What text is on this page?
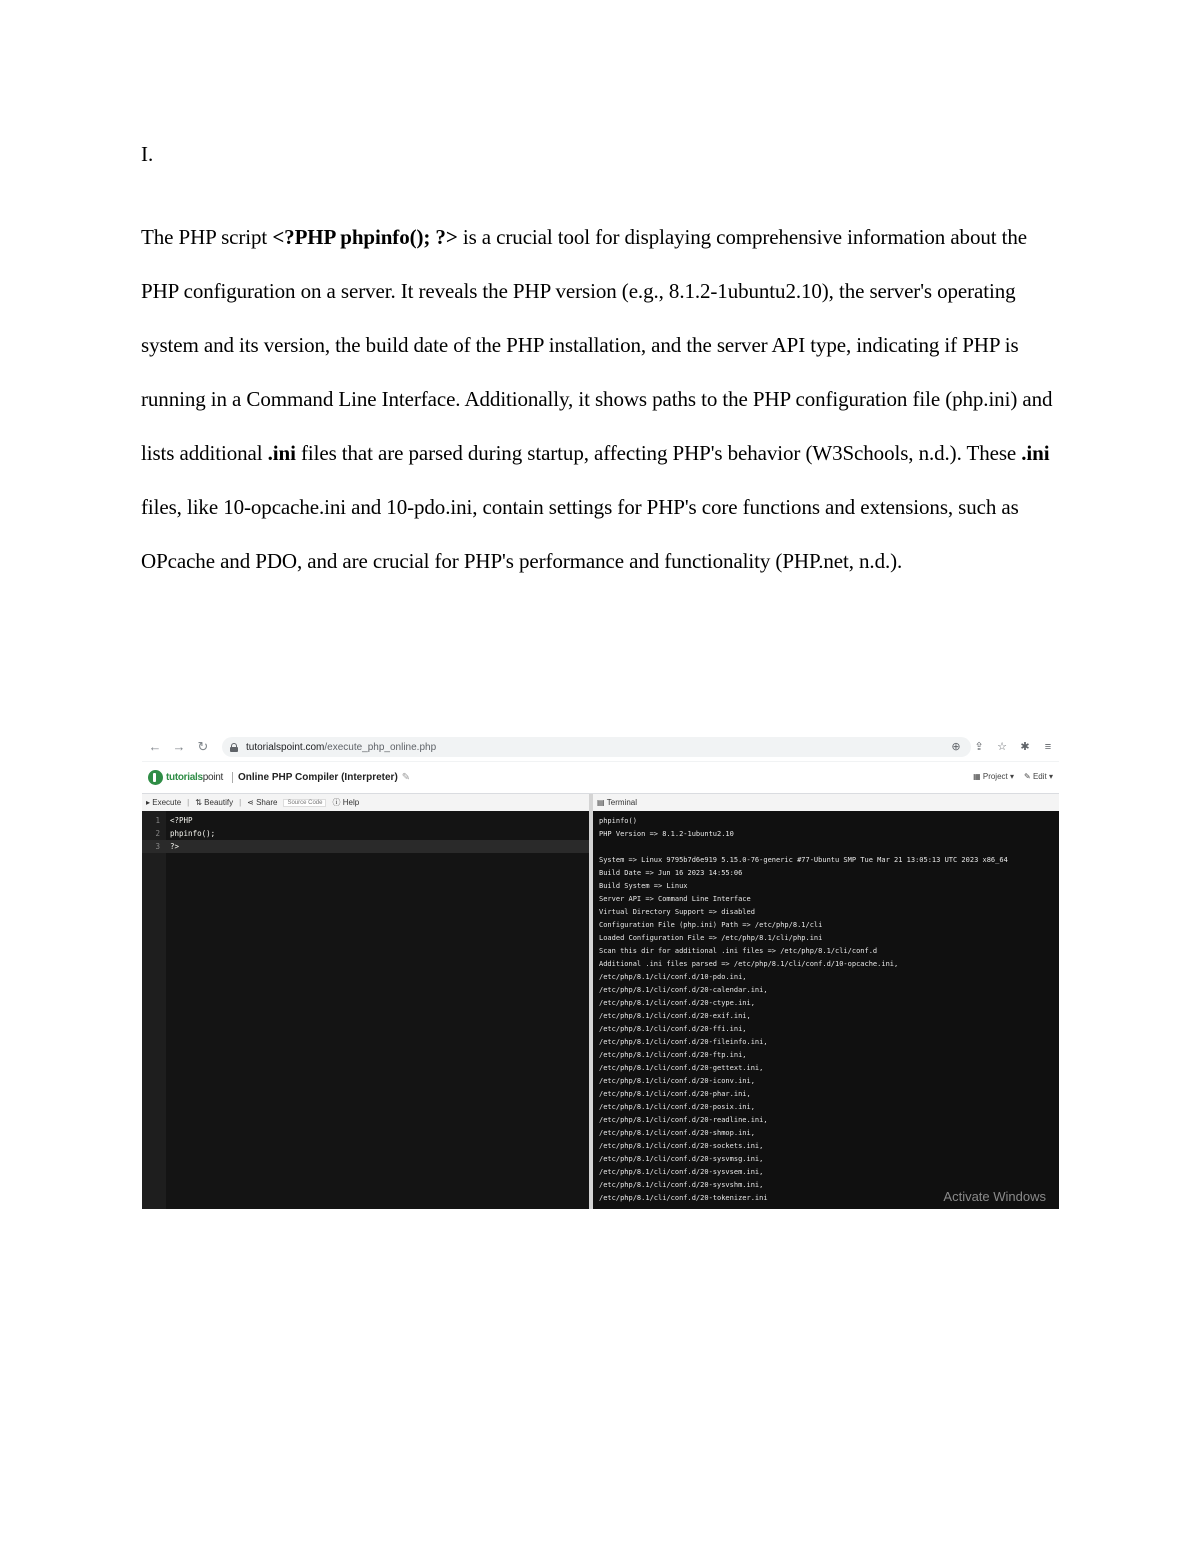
I.

The PHP script <?PHP phpinfo(); ?> is a crucial tool for displaying comprehensive information about the PHP configuration on a server. It reveals the PHP version (e.g., 8.1.2-1ubuntu2.10), the server's operating system and its version, the build date of the PHP installation, and the server API type, indicating if PHP is running in a Command Line Interface. Additionally, it shows paths to the PHP configuration file (php.ini) and lists additional .ini files that are parsed during startup, affecting PHP's behavior (W3Schools, n.d.). These .ini files, like 10-opcache.ini and 10-pdo.ini, contain settings for PHP's core functions and extensions, such as OPcache and PDO, and are crucial for PHP's performance and functionality (PHP.net, n.d.).

← → ↻	tutorialspoint.com/execute_php_online.php	⊕ ⇪ ☆ ✱	≡
tutorialspoint	Online PHP Compiler (Interpreter) ✎	▦ Project ▾ ✎ Edit ▾
▸ Execute | ⇅ Beautify | ⋖ Share	Source Code	ⓘ Help	▤
Terminal
1 <?PHP
2 phpinfo();
3 ?>
phpinfo()
PHP Version => 8.1.2-1ubuntu2.10
System => Linux 9795b7d6e919 5.15.0-76-generic #77-Ubuntu SMP Tue Mar 21 13:05:13 UTC 2023 x86_64
Build Date => Jun 16 2023 14:55:06
Build System => Linux
Server API => Command Line Interface
Virtual Directory Support => disabled
Configuration File (php.ini) Path => /etc/php/8.1/cli
Loaded Configuration File => /etc/php/8.1/cli/php.ini
Scan this dir for additional .ini files => /etc/php/8.1/cli/conf.d
Additional .ini files parsed => /etc/php/8.1/cli/conf.d/10-opcache.ini,
/etc/php/8.1/cli/conf.d/10-pdo.ini,
/etc/php/8.1/cli/conf.d/20-calendar.ini,
/etc/php/8.1/cli/conf.d/20-ctype.ini,
/etc/php/8.1/cli/conf.d/20-exif.ini,
/etc/php/8.1/cli/conf.d/20-ffi.ini,
/etc/php/8.1/cli/conf.d/20-fileinfo.ini,
/etc/php/8.1/cli/conf.d/20-ftp.ini,
/etc/php/8.1/cli/conf.d/20-gettext.ini,
/etc/php/8.1/cli/conf.d/20-iconv.ini,
/etc/php/8.1/cli/conf.d/20-phar.ini,
/etc/php/8.1/cli/conf.d/20-posix.ini,
/etc/php/8.1/cli/conf.d/20-readline.ini,
/etc/php/8.1/cli/conf.d/20-shmop.ini,
/etc/php/8.1/cli/conf.d/20-sockets.ini,
/etc/php/8.1/cli/conf.d/20-sysvmsg.ini,
/etc/php/8.1/cli/conf.d/20-sysvsem.ini,
/etc/php/8.1/cli/conf.d/20-sysvshm.ini,
/etc/php/8.1/cli/conf.d/20-tokenizer.ini	Activate Windows
